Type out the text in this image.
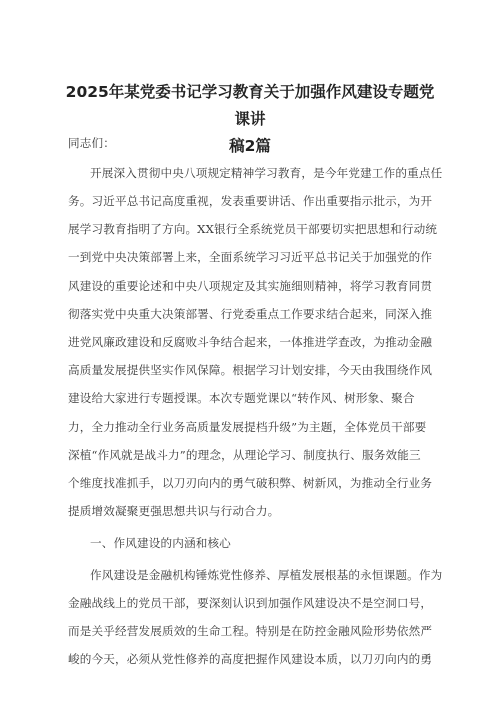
2025年某党委书记学习教育关于加强作风建设专题党课讲
稿2篇
同志们：
开展深入贯彻中央八项规定精神学习教育，是今年党建工作的重点任
务。习近平总书记高度重视，发表重要讲话、作出重要指示批示，为开
展学习教育指明了方向。XX银行全系统党员干部要切实把思想和行动统
一到党中央决策部署上来，全面系统学习习近平总书记关于加强党的作
风建设的重要论述和中央八项规定及其实施细则精神，将学习教育同贯
彻落实党中央重大决策部署、行党委重点工作要求结合起来，同深入推
进党风廉政建设和反腐败斗争结合起来，一体推进学查改，为推动金融
高质量发展提供坚实作风保障。根据学习计划安排，今天由我围绕作风
建设给大家进行专题授课。本次专题党课以“转作风、树形象、聚合
力，全力推动全行业务高质量发展提档升级”为主题，全体党员干部要
深植“作风就是战斗力”的理念，从理论学习、制度执行、服务效能三
个维度找准抓手，以刀刃向内的勇气破积弊、树新风，为推动全行业务
提质增效凝聚更强思想共识与行动合力。
一、作风建设的内涵和核心
作风建设是金融机构锤炼党性修养、厚植发展根基的永恒课题。作为
金融战线上的党员干部，要深刻认识到加强作风建设决不是空洞口号，
而是关乎经营发展质效的生命工程。特别是在防控金融风险形势依然严
峻的今天，必须从党性修养的高度把握作风建设本质，以刀刃向内的勇
